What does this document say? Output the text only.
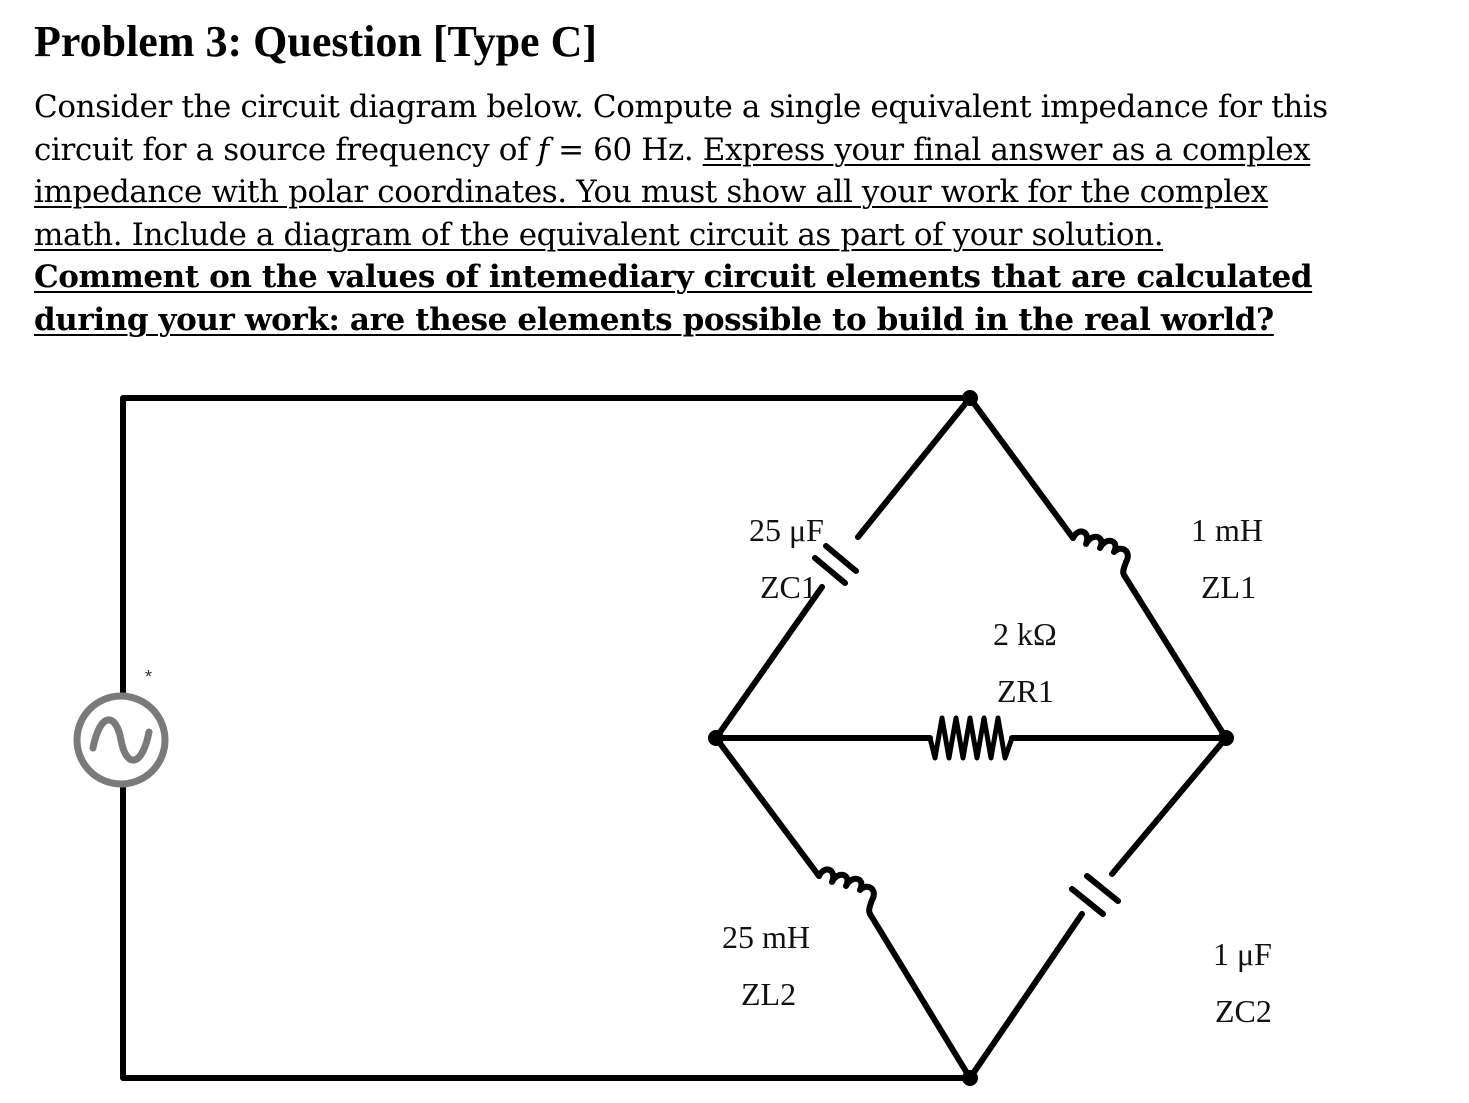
Problem 3: Question [Type C]

Consider the circuit diagram below. Compute a single equivalent impedance for this circuit for a source frequency of f = 60 Hz. Express your final answer as a complex impedance with polar coordinates. You must show all your work for the complex math. Include a diagram of the equivalent circuit as part of your solution. Comment on the values of intemediary circuit elements that are calculated during your work: are these elements possible to build in the real world?

*
25 μF
ZC1
1 mH
ZL1
2 kΩ
ZR1
25 mH
ZL2
1 μF
ZC2
